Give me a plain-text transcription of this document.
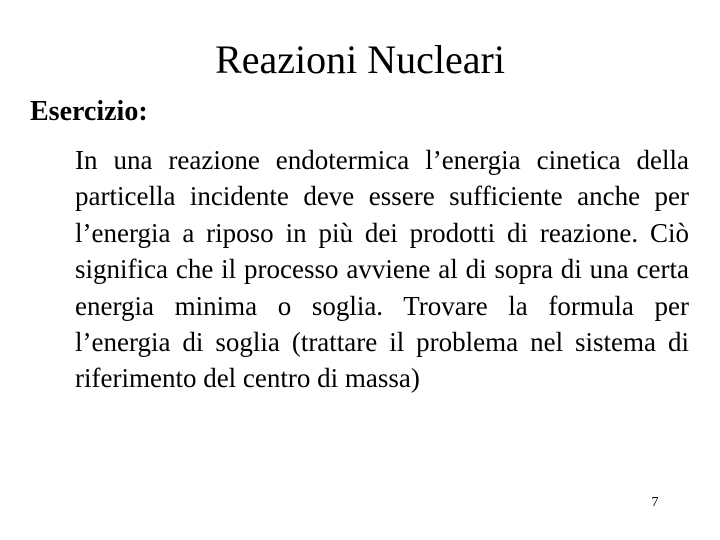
Reazioni Nucleari
Esercizio:

In una reazione endotermica l’energia cinetica della particella incidente deve essere sufficiente anche per l’energia a riposo in più dei prodotti di reazione. Ciò significa che il processo avviene al di sopra di una certa energia minima o soglia. Trovare la formula per l’energia di soglia (trattare il problema nel sistema di riferimento del centro di massa)

7
